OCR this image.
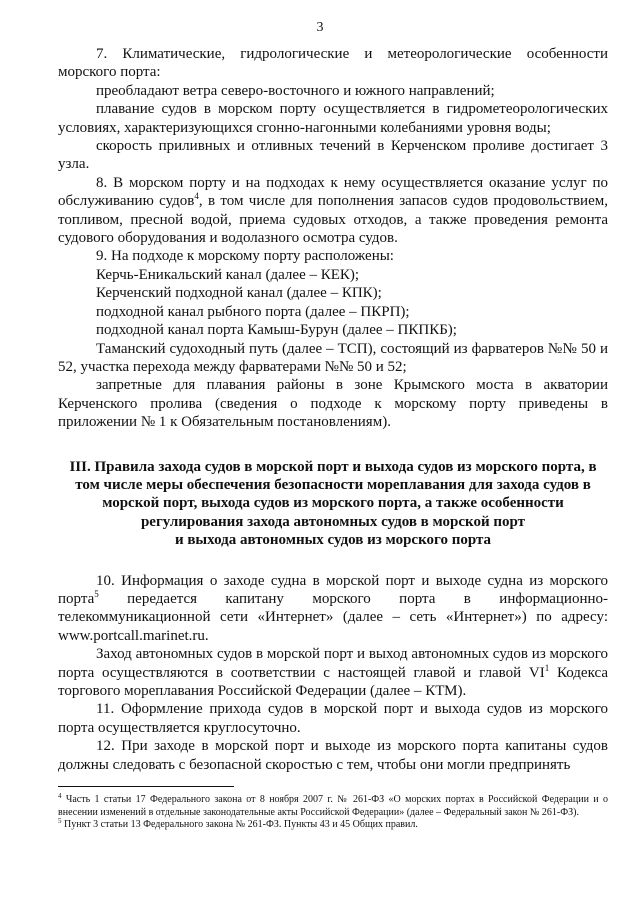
3

7. Климатические, гидрологические и метеорологические особенности морского порта:

преобладают ветра северо-восточного и южного направлений;

плавание судов в морском порту осуществляется в гидрометеорологических условиях, характеризующихся сгонно-нагонными колебаниями уровня воды;

скорость приливных и отливных течений в Керченском проливе достигает 3 узла.

8. В морском порту и на подходах к нему осуществляется оказание услуг по обслуживанию судов$^4$, в том числе для пополнения запасов судов продовольствием, топливом, пресной водой, приема судовых отходов, а также проведения ремонта судового оборудования и водолазного осмотра судов.

9. На подходе к морскому порту расположены:

Керчь-Еникальский канал (далее – КЕК);

Керченский подходной канал (далее – КПК);

подходной канал рыбного порта (далее – ПКРП);

подходной канал порта Камыш-Бурун (далее – ПКПКБ);

Таманский судоходный путь (далее – ТСП), состоящий из фарватеров №№ 50 и 52, участка перехода между фарватерами №№ 50 и 52;

запретные для плавания районы в зоне Крымского моста в акватории Керченского пролива (сведения о подходе к морскому порту приведены в приложении № 1 к Обязательным постановлениям).

III. Правила захода судов в морской порт и выхода судов из морского порта, в
том числе меры обеспечения безопасности мореплавания для захода судов в
морской порт, выхода судов из морского порта, а также особенности
регулирования захода автономных судов в морской порт
и выхода автономных судов из морского порта

10. Информация о заходе судна в морской порт и выходе судна из морского порта$^5$ передается капитану морского порта в информационно-телекоммуникационной сети «Интернет» (далее – сеть «Интернет») по адресу: www.portcall.marinet.ru.

Заход автономных судов в морской порт и выход автономных судов из морского порта осуществляются в соответствии с настоящей главой и главой $VI^1$ Кодекса торгового мореплавания Российской Федерации (далее – КТМ).

11. Оформление прихода судов в морской порт и выхода судов из морского порта осуществляется круглосуточно.

12. При заходе в морской порт и выходе из морского порта капитаны судов должны следовать с безопасной скоростью с тем, чтобы они могли предпринять

$^4$ Часть 1 статьи 17 Федерального закона от 8 ноября 2007 г. № 261-ФЗ «О морских портах в Российской Федерации и о внесении изменений в отдельные законодательные акты Российской Федерации» (далее – Федеральный закон № 261-ФЗ).

$^5$ Пункт 3 статьи 13 Федерального закона № 261-ФЗ. Пункты 43 и 45 Общих правил.
